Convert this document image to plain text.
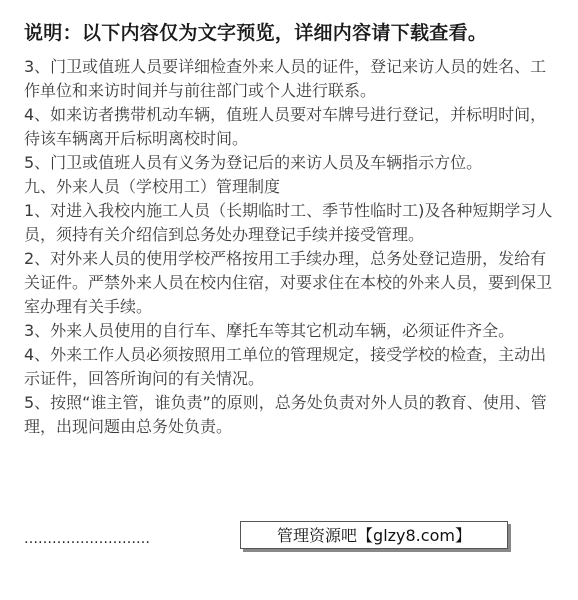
说明：以下内容仅为文字预览，详细内容请下载查看。

3、门卫或值班人员要详细检查外来人员的证件，登记来访人员的姓名、工作单位和来访时间并与前往部门或个人进行联系。

4、如来访者携带机动车辆，值班人员要对车牌号进行登记，并标明时间，待该车辆离开后标明离校时间。

5、门卫或值班人员有义务为登记后的来访人员及车辆指示方位。

九、外来人员（学校用工）管理制度

1、对进入我校内施工人员（长期临时工、季节性临时工)及各种短期学习人员，须持有关介绍信到总务处办理登记手续并接受管理。

2、对外来人员的使用学校严格按用工手续办理，总务处登记造册，发给有关证件。严禁外来人员在校内住宿，对要求住在本校的外来人员，要到保卫室办理有关手续。

3、外来人员使用的自行车、摩托车等其它机动车辆，必须证件齐全。

4、外来工作人员必须按照用工单位的管理规定，接受学校的检查，主动出示证件，回答所询问的有关情况。

5、按照“谁主管，谁负责”的原则，总务处负责对外人员的教育、使用、管理，出现问题由总务处负责。

………………………	管理资源吧【glzy8.com】
